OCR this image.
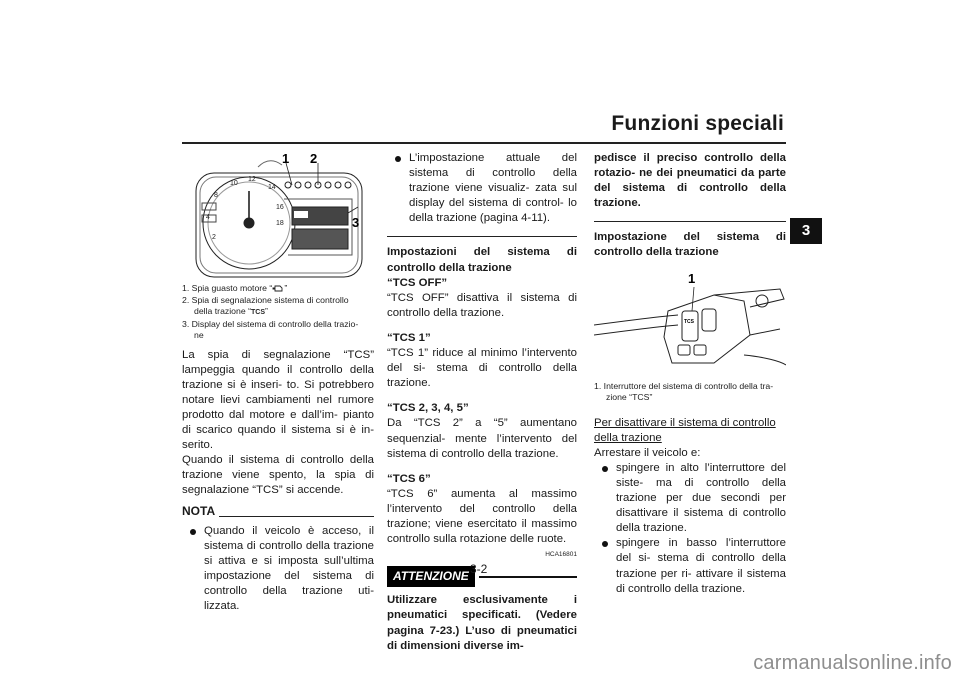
Funzioni speciali
3
2
4
8
10
12
14
16
18
1 2
3
1. Spia guasto motore “ ”
2. Spia di segnalazione sistema di controllo
della trazione “TCS”
3. Display del sistema di controllo della trazio-
ne

La spia di segnalazione “TCS” lampeggia quando il controllo della trazione si è inseri- to. Si potrebbero notare lievi cambiamenti nel rumore prodotto dal motore e dall’im- pianto di scarico quando il sistema si è in- serito.

Quando il sistema di controllo della trazione viene spento, la spia di segnalazione “TCS” si accende.

NOTA
Quando il veicolo è acceso, il sistema di controllo della trazione si attiva e si imposta sull’ultima impostazione del sistema di controllo della trazione uti- lizzata.
L’impostazione attuale del sistema di controllo della trazione viene visualiz- zata sul display del sistema di control- lo della trazione (pagina 4-11).

Impostazioni del sistema di controllo della trazione

“TCS OFF”

“TCS OFF” disattiva il sistema di controllo della trazione.

“TCS 1”

“TCS 1” riduce al minimo l’intervento del si- stema di controllo della trazione.

“TCS 2, 3, 4, 5”

Da “TCS 2” a “5” aumentano sequenzial- mente l’intervento del sistema di controllo della trazione.

“TCS 6”

“TCS 6” aumenta al massimo l’intervento del controllo della trazione; viene esercitato il massimo controllo sulla rotazione delle ruote.

HCA16801

ATTENZIONE

Utilizzare esclusivamente i pneumatici specificati. (Vedere pagina 7-23.) L’uso di pneumatici di dimensioni diverse im-

pedisce il preciso controllo della rotazio- ne dei pneumatici da parte del sistema di controllo della trazione.

Impostazione del sistema di controllo della trazione

TCS
1
1. Interruttore del sistema di controllo della tra-
zione “TCS”

Per disattivare il sistema di controllo della trazione

Arrestare il veicolo e:

spingere in alto l’interruttore del siste- ma di controllo della trazione per due secondi per disattivare il sistema di controllo della trazione.
spingere in basso l’interruttore del si- stema di controllo della trazione per ri- attivare il sistema di controllo della trazione.
3-2
carmanualsonline.info
